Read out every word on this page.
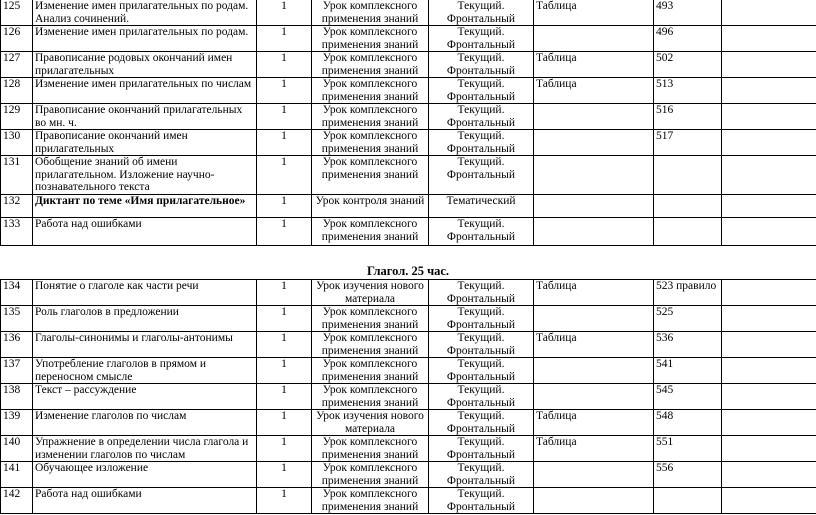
125	Изменение имен прилагательных по родам. Анализ сочинений.	1	Урок комплексного применения знаний	Текущий. Фронтальный	Таблица	493	
126	Изменение имен прилагательных по родам.	1	Урок комплексного применения знаний	Текущий. Фронтальный		496	
127	Правописание родовых окончаний имен прилагательных	1	Урок комплексного применения знаний	Текущий. Фронтальный	Таблица	502	
128	Изменение имен прилагательных по числам	1	Урок комплексного применения знаний	Текущий. Фронтальный	Таблица	513	
129	Правописание окончаний прилагательных во мн. ч.	1	Урок комплексного применения знаний	Текущий. Фронтальный		516	
130	Правописание окончаний имен прилагательных	1	Урок комплексного применения знаний	Текущий. Фронтальный		517	
131	Обобщение знаний об имени прилагательном. Изложение научно-познавательного текста	1	Урок комплексного применения знаний	Текущий. Фронтальный			
132	Диктант по теме «Имя прилагательное»	1	Урок контроля знаний	Тематический			
133	Работа над ошибками	1	Урок комплексного применения знаний	Текущий. Фронтальный			
Глагол. 25 час.
134	Понятие о глаголе как части речи	1	Урок изучения нового материала	Текущий. Фронтальный	Таблица	523 правило	
135	Роль глаголов в предложении	1	Урок комплексного применения знаний	Текущий. Фронтальный		525	
136	Глаголы-синонимы и глаголы-антонимы	1	Урок комплексного применения знаний	Текущий. Фронтальный	Таблица	536	
137	Употребление глаголов в прямом и переносном смысле	1	Урок комплексного применения знаний	Текущий. Фронтальный		541	
138	Текст – рассуждение	1	Урок комплексного применения знаний	Текущий. Фронтальный		545	
139	Изменение глаголов по числам	1	Урок изучения нового материала	Текущий. Фронтальный	Таблица	548	
140	Упражнение в определении числа глагола и изменении глаголов по числам	1	Урок комплексного применения знаний	Текущий. Фронтальный	Таблица	551	
141	Обучающее изложение	1	Урок комплексного применения знаний	Текущий. Фронтальный		556	
142	Работа над ошибками	1	Урок комплексного применения знаний	Текущий. Фронтальный			
